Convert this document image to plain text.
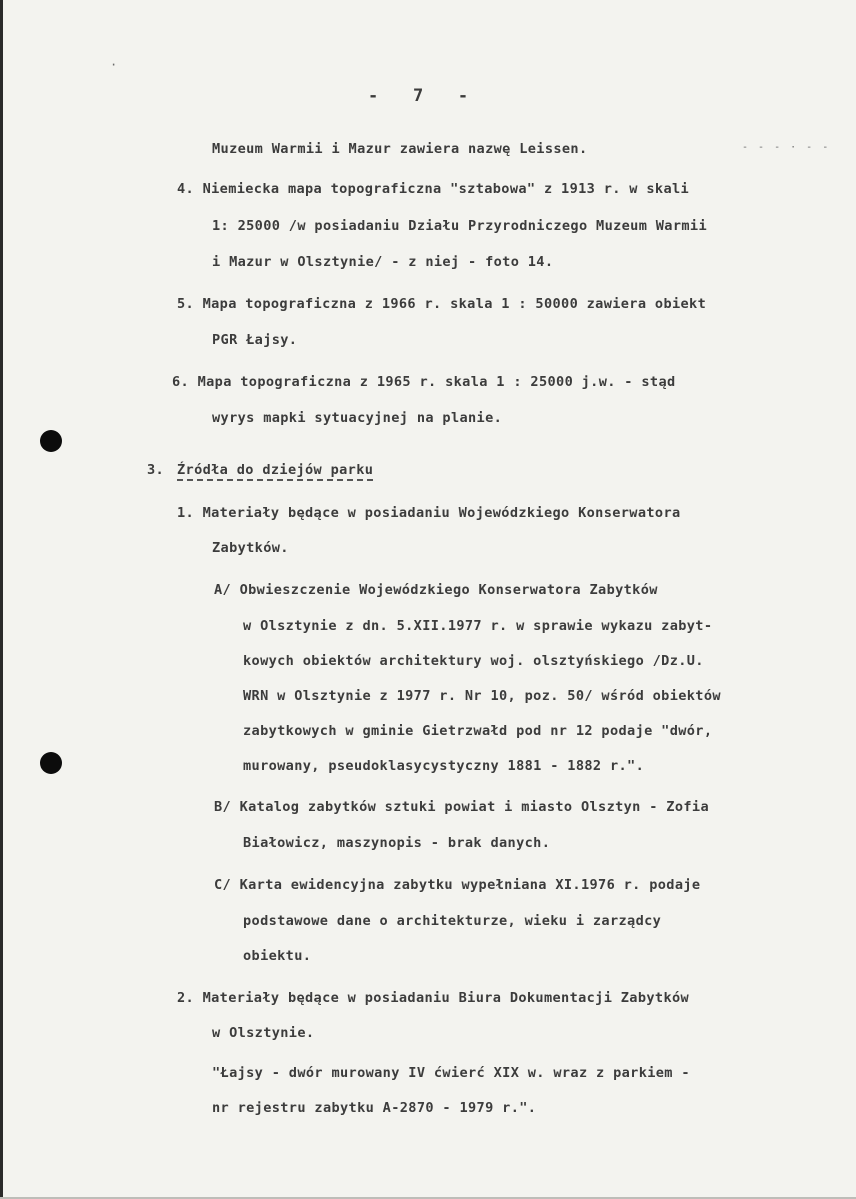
·
- - - · - -
-   7   -
Muzeum Warmii i Mazur zawiera nazwę Leissen.
4. Niemiecka mapa topograficzna "sztabowa" z 1913 r. w skali
1: 25000 /w posiadaniu Działu Przyrodniczego Muzeum Warmii
i Mazur w Olsztynie/ - z niej - foto 14.
5. Mapa topograficzna z 1966 r. skala 1 : 50000 zawiera obiekt
PGR Łajsy.
6. Mapa topograficzna z 1965 r. skala 1 : 25000 j.w. - stąd
wyrys mapki sytuacyjnej na planie.
3. Źródła do dziejów parku
1. Materiały będące w posiadaniu Wojewódzkiego Konserwatora
Zabytków.
A/ Obwieszczenie Wojewódzkiego Konserwatora Zabytków
w Olsztynie z dn. 5.XII.1977 r. w sprawie wykazu zabyt-
kowych obiektów architektury woj. olsztyńskiego /Dz.U.
WRN w Olsztynie z 1977 r. Nr 10, poz. 50/ wśród obiektów
zabytkowych w gminie Gietrzwałd pod nr 12 podaje "dwór,
murowany, pseudoklasycystyczny 1881 - 1882 r.".
B/ Katalog zabytków sztuki powiat i miasto Olsztyn - Zofia
Białowicz, maszynopis - brak danych.
C/ Karta ewidencyjna zabytku wypełniana XI.1976 r. podaje
podstawowe dane o architekturze, wieku i zarządcy
obiektu.
2. Materiały będące w posiadaniu Biura Dokumentacji Zabytków
w Olsztynie.
"Łajsy - dwór murowany IV ćwierć XIX w. wraz z parkiem -
nr rejestru zabytku A-2870 - 1979 r.".
